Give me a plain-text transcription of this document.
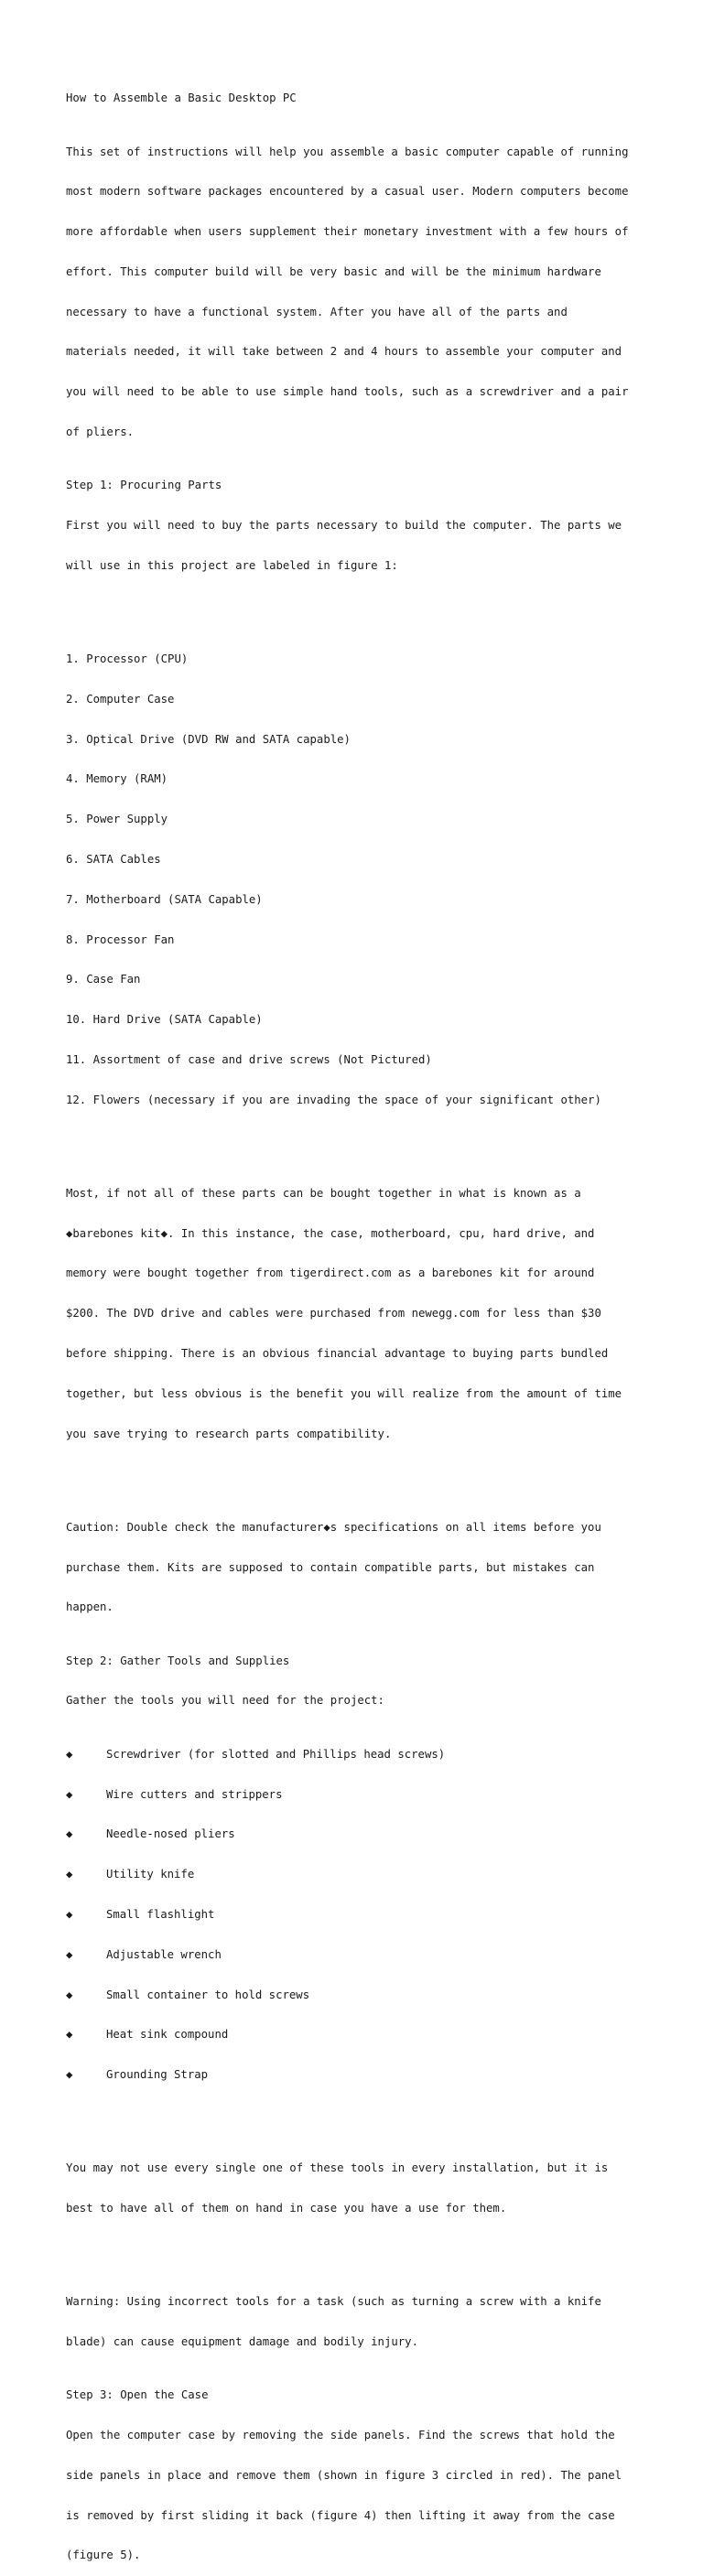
How to Assemble a Basic Desktop PC

This set of instructions will help you assemble a basic computer capable of running

most modern software packages encountered by a casual user. Modern computers become

more affordable when users supplement their monetary investment with a few hours of

effort. This computer build will be very basic and will be the minimum hardware

necessary to have a functional system. After you have all of the parts and

materials needed, it will take between 2 and 4 hours to assemble your computer and

you will need to be able to use simple hand tools, such as a screwdriver and a pair

of pliers.

Step 1: Procuring Parts

First you will need to buy the parts necessary to build the computer. The parts we

will use in this project are labeled in figure 1:

1. Processor (CPU)

2. Computer Case

3. Optical Drive (DVD RW and SATA capable)

4. Memory (RAM)

5. Power Supply

6. SATA Cables

7. Motherboard (SATA Capable)

8. Processor Fan

9. Case Fan

10. Hard Drive (SATA Capable)

11. Assortment of case and drive screws (Not Pictured)

12. Flowers (necessary if you are invading the space of your significant other)

Most, if not all of these parts can be bought together in what is known as a

◆barebones kit◆. In this instance, the case, motherboard, cpu, hard drive, and

memory were bought together from tigerdirect.com as a barebones kit for around

$200. The DVD drive and cables were purchased from newegg.com for less than $30

before shipping. There is an obvious financial advantage to buying parts bundled

together, but less obvious is the benefit you will realize from the amount of time

you save trying to research parts compatibility.

Caution: Double check the manufacturer◆s specifications on all items before you

purchase them. Kits are supposed to contain compatible parts, but mistakes can

happen.

Step 2: Gather Tools and Supplies

Gather the tools you will need for the project:

◆	Screwdriver (for slotted and Phillips head screws)

◆	Wire cutters and strippers

◆	Needle-nosed pliers

◆	Utility knife

◆	Small flashlight

◆	Adjustable wrench

◆	Small container to hold screws

◆	Heat sink compound

◆	Grounding Strap

You may not use every single one of these tools in every installation, but it is

best to have all of them on hand in case you have a use for them.

Warning: Using incorrect tools for a task (such as turning a screw with a knife

blade) can cause equipment damage and bodily injury.

Step 3: Open the Case

Open the computer case by removing the side panels. Find the screws that hold the

side panels in place and remove them (shown in figure 3 circled in red). The panel

is removed by first sliding it back (figure 4) then lifting it away from the case

(figure 5).
